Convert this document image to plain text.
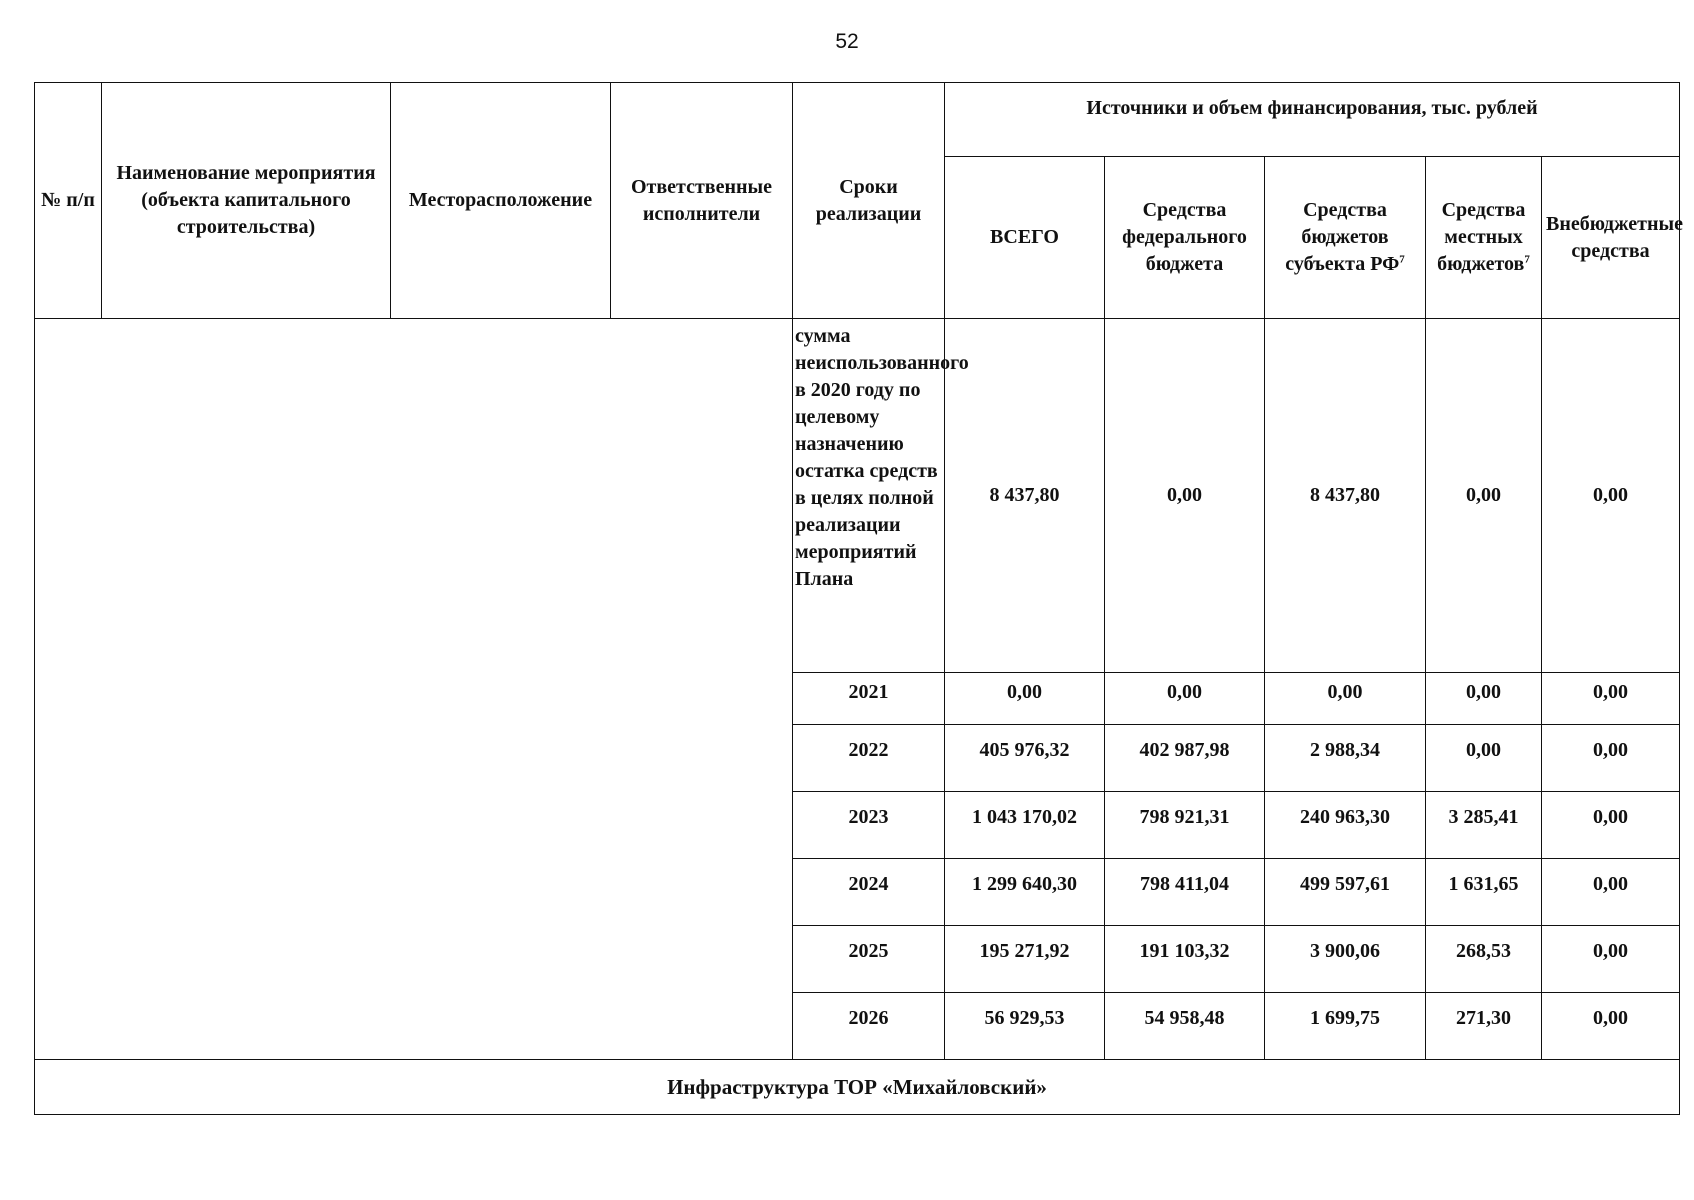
52
№ п/п	Наименование мероприятия (объекта капитального строительства)	Месторасположение	Ответственные исполнители	Сроки реализации	Источники и объем финансирования, тыс. рублей				
					ВСЕГО	Средства федерального бюджета	Средства бюджетов субъекта $РФ^7$	Средства местных бюджетов$^7$	Внебюджетные средства
				сумма неиспользованного в 2020 году по целевому назначению остатка средств в целях полной реализации мероприятий Плана	8 437,80	0,00	8 437,80	0,00	0,00
				2021	0,00	0,00	0,00	0,00	0,00
				2022	405 976,32	402 987,98	2 988,34	0,00	0,00
				2023	1 043 170,02	798 921,31	240 963,30	3 285,41	0,00
				2024	1 299 640,30	798 411,04	499 597,61	1 631,65	0,00
				2025	195 271,92	191 103,32	3 900,06	268,53	0,00
				2026	56 929,53	54 958,48	1 699,75	271,30	0,00
Инфраструктура ТОР «Михайловский»									
